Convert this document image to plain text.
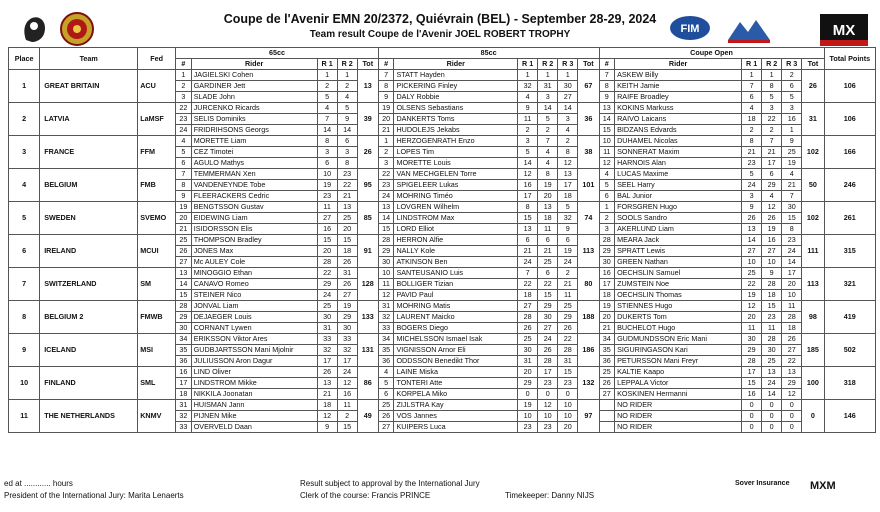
Coupe de l'Avenir EMN 20/2372, Quiévrain (BEL) - September 28-29, 2024
Team result Coupe de l'Avenir JOEL ROBERT TROPHY	FIM	MX
Place	Team	Fed	65cc					85cc						Coupe Open						Total Points
			#	Rider	R 1	R 2	Tot	#	Rider	R 1	R 2	R 3	Tot	#	Rider	R 1	R 2	R 3	Tot	
1	GREAT BRITAIN	ACU	1	JAGIELSKI Cohen	1	1	13	7	STATT Hayden	1	1	1	67	7	ASKEW Billy	1	1	2	26	106
			2	GARDINER Jett	2	2		8	PICKERING Finley	32	31	30		8	KEITH Jamie	7	8	6		
			3	SLADE John	5	4		9	DALY Robbie	4	3	27		9	RAIFE Broadley	6	5	5		
2	LATVIA	LaMSF	22	JURCENKO Ricards	4	5	39	19	OLSENS Sebastians	9	14	14	36	13	KOKINS Markuss	4	3	3	31	106
			23	SELIS Dominiks	7	9		20	DANKERTS Toms	11	5	3		14	RAIVO Laicans	18	22	16		
			24	FRIDRIHSONS Georgs	14	14		21	HUDOLEJS Jekabs	2	2	4		15	BIDZANS Edvards	2	2	1		
3	FRANCE	FFM	4	MORETTE Liam	8	6	26	1	HERZOGENRATH Enzo	3	7	2	38	10	DUHAMEL Nicolas	8	7	9	102	166
			5	CEZ Timotei	3	3		2	LOPES Tim	5	4	8		11	SONNERAT Maxim	21	21	25		
			6	AGULO Mathys	6	8		3	MORETTE Louis	14	4	12		12	HARNOIS Alan	23	17	19		
4	BELGIUM	FMB	7	TEMMERMAN Xen	10	23	95	22	VAN MECHGELEN Torre	12	8	13	101	4	LUCAS Maxime	5	6	4	50	246
			8	VANDENEYNDE Tobe	19	22		23	SPIGELEER Lukas	16	19	17		5	SEEL Harry	24	29	21		
			9	FLEERACKERS Cedric	23	21		24	MOHRING Timéo	17	20	18		6	BAL Junior	3	4	7		
5	SWEDEN	SVEMO	19	BENGTSSON Gustav	11	13	85	13	LOVGREN Wilhelm	8	13	5	74	1	FORSGREN Hugo	9	12	30	102	261
			20	EIDEWING Liam	27	25		14	LINDSTROM Max	15	18	32		2	SOOLS Sandro	26	26	15		
			21	ISIDORSSON Elis	16	20		15	LORD Elliot	13	11	9		3	AKERLUND Liam	13	19	8		
6	IRELAND	MCUI	25	THOMPSON Bradley	15	15	91	28	HERRON Alfie	6	6	6	113	28	MEARA Jack	14	16	23	111	315
			26	JONES Max	20	18		29	NALLY Kole	21	21	19		29	SPRATT Lewis	27	27	24		
			27	Mc AULEY Cole	28	26		30	ATKINSON Ben	24	25	24		30	GREEN Nathan	10	10	14		
7	SWITZERLAND	SM	13	MINOGGIO Ethan	22	31	128	10	SANTEUSANIO Luis	7	6	2	80	16	OECHSLIN Samuel	25	9	17	113	321
			14	CANAVO Romeo	29	26		11	BOLLIGER Tizian	22	22	21		17	ZUMSTEIN Noe	22	28	20		
			15	STEINER Nico	24	27		12	PAVID Paul	18	15	11		18	OECHSLIN Thomas	19	18	10		
8	BELGIUM 2	FMWB	28	JONVAL Liam	25	19	133	31	MOHRING Matis	27	29	25	188	19	STIENNES Hugo	12	15	11	98	419
			29	DEJAEGER Louis	30	29		32	LAURENT Maicko	28	30	29		20	DUKERTS Tom	20	23	28		
			30	CORNANT Lywen	31	30		33	BOGERS Diego	26	27	26		21	BUCHELOT Hugo	11	11	18		
9	ICELAND	MSI	34	ERIKSSON Viktor Ares	33	33	131	34	MICHELSSON Ismael Isak	25	24	22	186	34	GUDMUNDSSON Eric Mani	30	28	26	185	502
			35	GUDBJARTSSON Mani Mjolnir	32	32		35	VIGNISSON Arnor Eli	30	26	28		35	SIGURINGASON Kari	29	30	27		
			36	JULIUSSON Aron Dagur	17	17		36	ODDSSON Benedikt Thor	31	28	31		36	PETURSSON Mani Freyr	28	25	22		
10	FINLAND	SML	16	LIND Oliver	26	24	86	4	LAINE Miska	20	17	15	132	25	KALTIE Kaapo	17	13	13	100	318
			17	LINDSTROM Mikke	13	12		5	TONTERI Atte	29	23	23		26	LEPPALA Victor	15	24	29		
			18	NIKKILA Joonatan	21	16		6	KORPELA Miko	0	0	0		27	KOSKINEN Hermanni	16	14	12		
11	THE NETHERLANDS	KNMV	31	HUISMAN Jann	18	11	49	25	ZIJLSTRA Kay	19	12	10	97		NO RIDER	0	0	0	0	146
			32	PIJNEN Mike	12	2		26	VOS Jannes	10	10	10			NO RIDER	0	0	0		
			33	OVERVELD Daan	9	15		27	KUIPERS Luca	23	23	20			NO RIDER	0	0	0		
ed at ............ hours	Result subject to approval by the International Jury
President of the International Jury: Marita Lenaerts	Clerk of the course: Francis PRINCE	Timekeeper: Danny NIJS
Sover Insurance MXM
